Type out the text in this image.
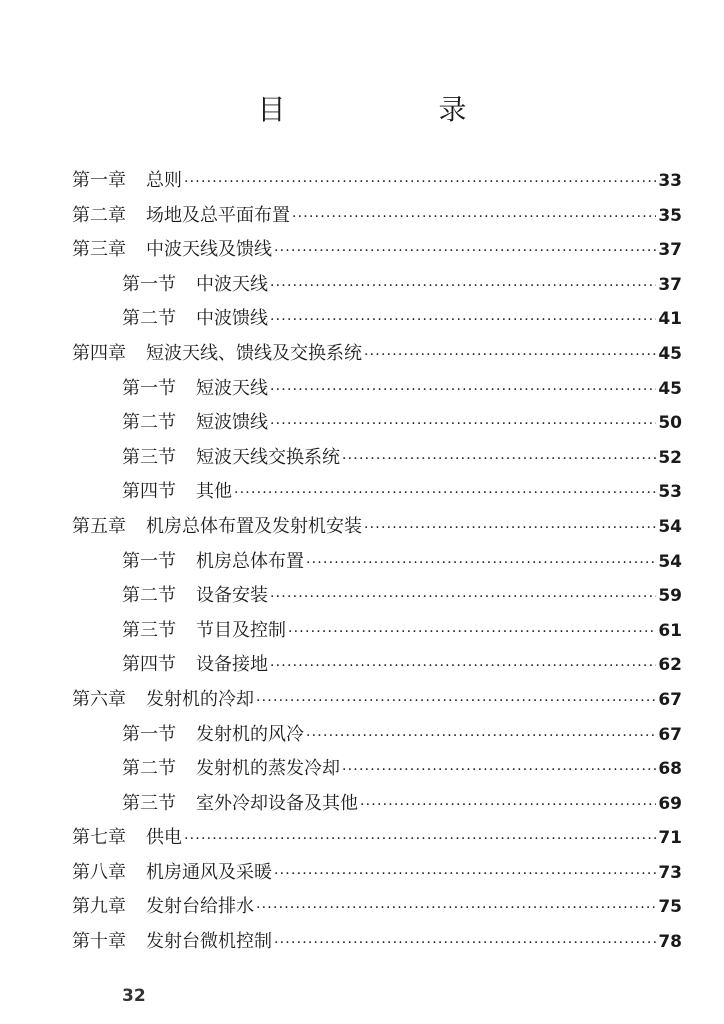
目 录
第一章 总则 ·····	33
第二章 场地及总平面布置 ·····	35
第三章 中波天线及馈线 ·····	37
第一节 中波天线 ·····	37
第二节 中波馈线 ·····	41
第四章 短波天线、馈线及交换系统 ·····	45
第一节 短波天线 ·····	45
第二节 短波馈线 ·····	50
第三节 短波天线交换系统 ·····	52
第四节 其他 ·····	53
第五章 机房总体布置及发射机安装 ·····	54
第一节 机房总体布置 ·····	54
第二节 设备安装 ·····	59
第三节 节目及控制 ·····	61
第四节 设备接地 ·····	62
第六章 发射机的冷却 ·····	67
第一节 发射机的风冷 ·····	67
第二节 发射机的蒸发冷却 ·····	68
第三节 室外冷却设备及其他 ·····	69
第七章 供电 ·····	71
第八章 机房通风及采暖 ·····	73
第九章 发射台给排水 ·····	75
第十章 发射台微机控制 ·····	78
32
